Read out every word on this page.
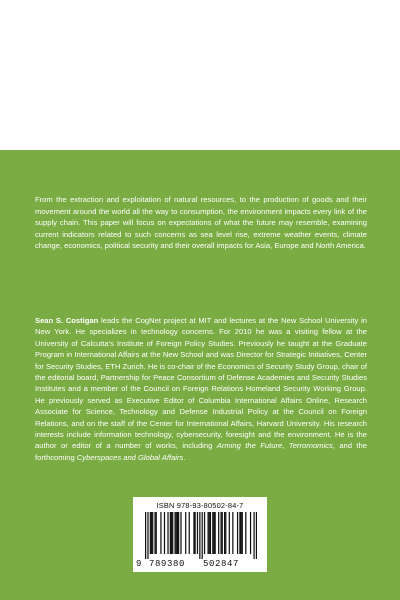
From the extraction and exploitation of natural resources, to the production of goods and their movement around the world all the way to consumption, the environment impacts every link of the supply chain. This paper will focus on expectations of what the future may resemble, examining current indicators related to such concerns as sea level rise, extreme weather events, climate change, economics, political security and their overall impacts for Asia, Europe and North America.

Sean S. Costigan leads the CogNet project at MIT and lectures at the New School University in New York. He specializes in technology concerns. For 2010 he was a visiting fellow at the University of Calcutta's Institute of Foreign Policy Studies. Previously he taught at the Graduate Program in International Affairs at the New School and was Director for Strategic Initiatives, Center for Security Studies, ETH Zurich. He is co-chair of the Economics of Security Study Group, chair of the editorial board, Partnership for Peace Consortium of Defense Academies and Security Studies Institutes and a member of the Council on Foreign Relations Homeland Security Working Group. He previously served as Executive Editor of Columbia International Affairs Online, Research Associate for Science, Technology and Defense Industrial Policy at the Council on Foreign Relations, and on the staff of the Center for International Affairs, Harvard University. His research interests include information technology, cybersecurity, foresight and the environment. He is the author or editor of a number of works, including Arming the Future, Terrornomics, and the forthcoming Cyberspaces and Global Affairs.

ISBN 978-93-80502-84-7
9 789380 502847
